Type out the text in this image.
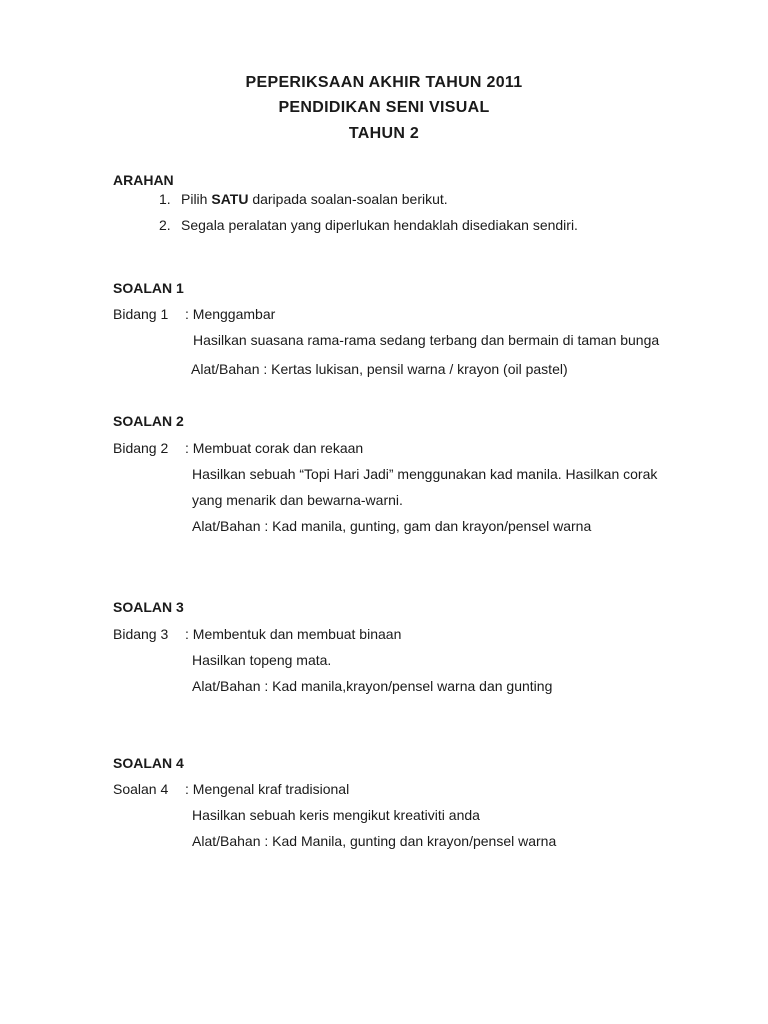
PEPERIKSAAN AKHIR TAHUN 2011
PENDIDIKAN SENI VISUAL
TAHUN 2
ARAHAN
1. Pilih SATU daripada soalan-soalan berikut.
2. Segala peralatan yang diperlukan hendaklah disediakan sendiri.
SOALAN 1
Bidang 1 : Menggambar
Hasilkan suasana rama-rama sedang terbang dan bermain di taman bunga
Alat/Bahan : Kertas lukisan, pensil warna / krayon (oil pastel)
SOALAN 2
Bidang 2 : Membuat corak dan rekaan
Hasilkan sebuah “Topi Hari Jadi” menggunakan kad manila. Hasilkan corak
yang menarik dan bewarna-warni.
Alat/Bahan : Kad manila, gunting, gam dan krayon/pensel warna
SOALAN 3
Bidang 3 : Membentuk dan membuat binaan
Hasilkan topeng mata.
Alat/Bahan : Kad manila,krayon/pensel warna dan gunting
SOALAN 4
Soalan 4 : Mengenal kraf tradisional
Hasilkan sebuah keris mengikut kreativiti anda
Alat/Bahan : Kad Manila, gunting dan krayon/pensel warna
